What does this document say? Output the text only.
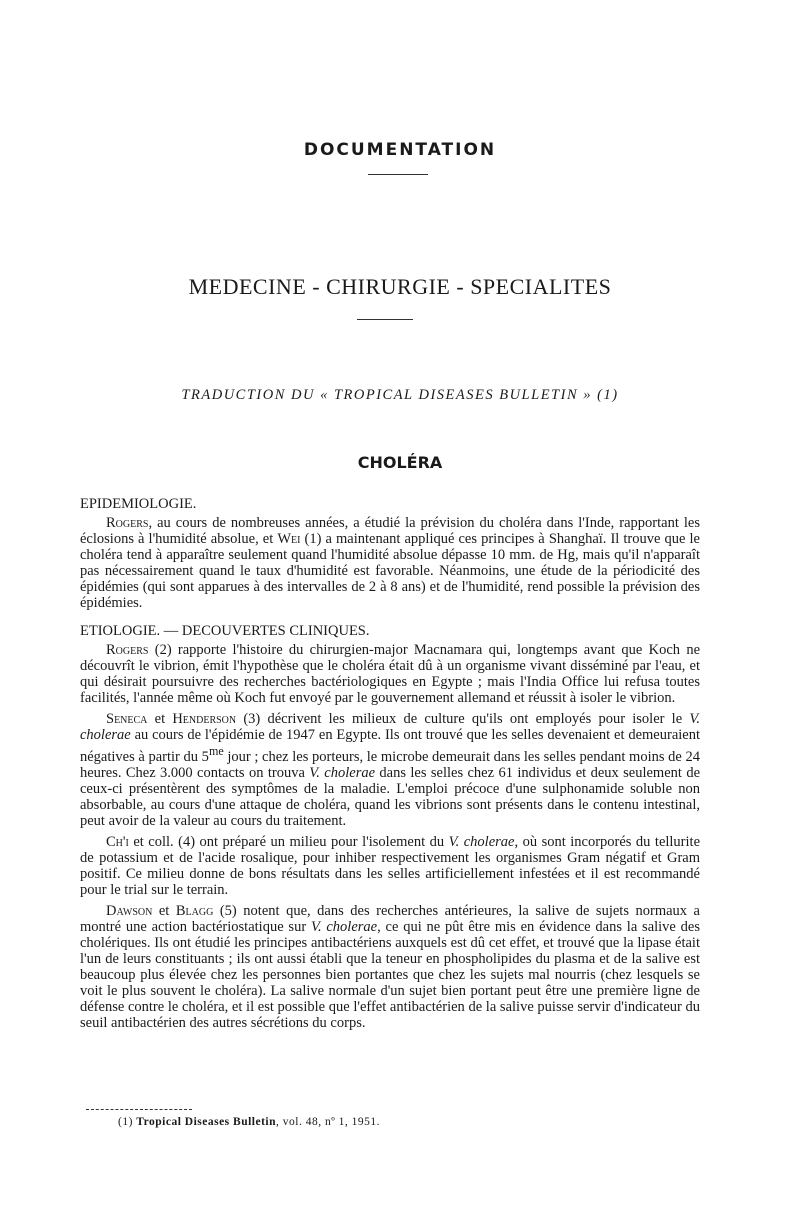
DOCUMENTATION
MEDECINE - CHIRURGIE - SPECIALITES
TRADUCTION DU « TROPICAL DISEASES BULLETIN » (1)
CHOLÉRA
EPIDEMIOLOGIE.

Rogers, au cours de nombreuses années, a étudié la prévision du choléra dans l'Inde, rapportant les éclosions à l'humidité absolue, et Wei (1) a maintenant appliqué ces principes à Shanghaï. Il trouve que le choléra tend à apparaître seulement quand l'humidité absolue dépasse 10 mm. de Hg, mais qu'il n'apparaît pas nécessairement quand le taux d'humidité est favorable. Néanmoins, une étude de la périodicité des épidémies (qui sont apparues à des intervalles de 2 à 8 ans) et de l'humidité, rend possible la prévision des épidémies.

ETIOLOGIE. — DECOUVERTES CLINIQUES.

Rogers (2) rapporte l'histoire du chirurgien-major Macnamara qui, longtemps avant que Koch ne découvrît le vibrion, émit l'hypothèse que le choléra était dû à un organisme vivant disséminé par l'eau, et qui désirait poursuivre des recherches bactériologiques en Egypte ; mais l'India Office lui refusa toutes facilités, l'année même où Koch fut envoyé par le gouvernement allemand et réussit à isoler le vibrion.

Seneca et Henderson (3) décrivent les milieux de culture qu'ils ont employés pour isoler le V. cholerae au cours de l'épidémie de 1947 en Egypte. Ils ont trouvé que les selles devenaient et demeuraient négatives à partir du $5^{me}$ jour ; chez les porteurs, le microbe demeurait dans les selles pendant moins de 24 heures. Chez 3.000 contacts on trouva V. cholerae dans les selles chez 61 individus et deux seulement de ceux-ci présentèrent des symptômes de la maladie. L'emploi précoce d'une sulphonamide soluble non absorbable, au cours d'une attaque de choléra, quand les vibrions sont présents dans le contenu intestinal, peut avoir de la valeur au cours du traitement.

Ch'i et coll. (4) ont préparé un milieu pour l'isolement du V. cholerae, où sont incorporés du tellurite de potassium et de l'acide rosalique, pour inhiber respectivement les organismes Gram négatif et Gram positif. Ce milieu donne de bons résultats dans les selles artificiellement infestées et il est recommandé pour le trial sur le terrain.

Dawson et Blagg (5) notent que, dans des recherches antérieures, la salive de sujets normaux a montré une action bactériostatique sur V. cholerae, ce qui ne pût être mis en évidence dans la salive des cholériques. Ils ont étudié les principes antibactériens auxquels est dû cet effet, et trouvé que la lipase était l'un de leurs constituants ; ils ont aussi établi que la teneur en phospholipides du plasma et de la salive est beaucoup plus élevée chez les personnes bien portantes que chez les sujets mal nourris (chez lesquels se voit le plus souvent le choléra). La salive normale d'un sujet bien portant peut être une première ligne de défense contre le choléra, et il est possible que l'effet antibactérien de la salive puisse servir d'indicateur du seuil antibactérien des autres sécrétions du corps.

(1) Tropical Diseases Bulletin, vol. 48, nº 1, 1951.
